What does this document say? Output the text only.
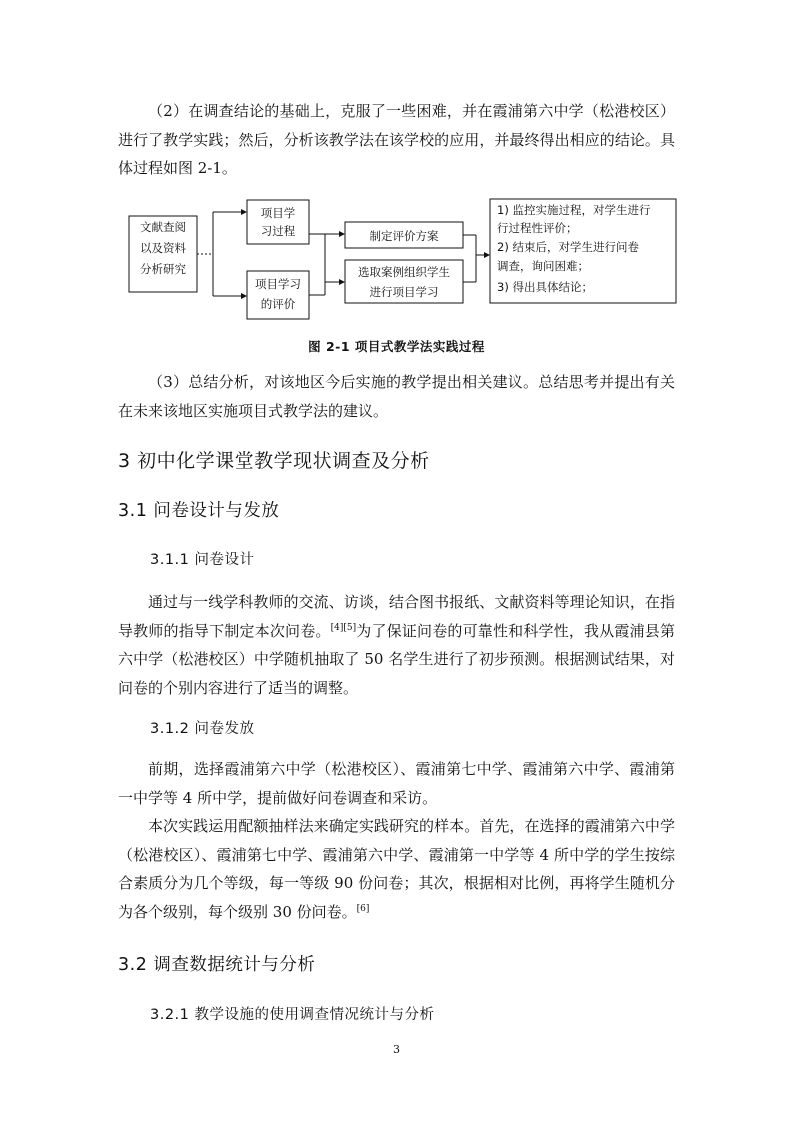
（2）在调查结论的基础上，克服了一些困难，并在霞浦第六中学（松港校区）进行了教学实践；然后，分析该教学法在该学校的应用，并最终得出相应的结论。具体过程如图 2-1。
文献查阅
以及资料
分析研究
项目学
习过程
项目学习
的评价
制定评价方案
选取案例组织学生
进行项目学习
1) 监控实施过程，对学生进行
行过程性评价；
2) 结束后，对学生进行问卷
调查，询问困难；
3) 得出具体结论；
图 2-1 项目式教学法实践过程
（3）总结分析，对该地区今后实施的教学提出相关建议。总结思考并提出有关在未来该地区实施项目式教学法的建议。
3 初中化学课堂教学现状调查及分析
3.1 问卷设计与发放
3.1.1 问卷设计
通过与一线学科教师的交流、访谈，结合图书报纸、文献资料等理论知识，在指导教师的指导下制定本次问卷。[4][5]为了保证问卷的可靠性和科学性，我从霞浦县第六中学（松港校区）中学随机抽取了 50 名学生进行了初步预测。根据测试结果，对问卷的个别内容进行了适当的调整。
3.1.2 问卷发放
前期，选择霞浦第六中学（松港校区）、霞浦第七中学、霞浦第六中学、霞浦第一中学等 4 所中学，提前做好问卷调查和采访。
本次实践运用配额抽样法来确定实践研究的样本。首先，在选择的霞浦第六中学（松港校区）、霞浦第七中学、霞浦第六中学、霞浦第一中学等 4 所中学的学生按综合素质分为几个等级，每一等级 90 份问卷；其次，根据相对比例，再将学生随机分为各个级别，每个级别 30 份问卷。[6]
3.2 调查数据统计与分析
3.2.1 教学设施的使用调查情况统计与分析
3
